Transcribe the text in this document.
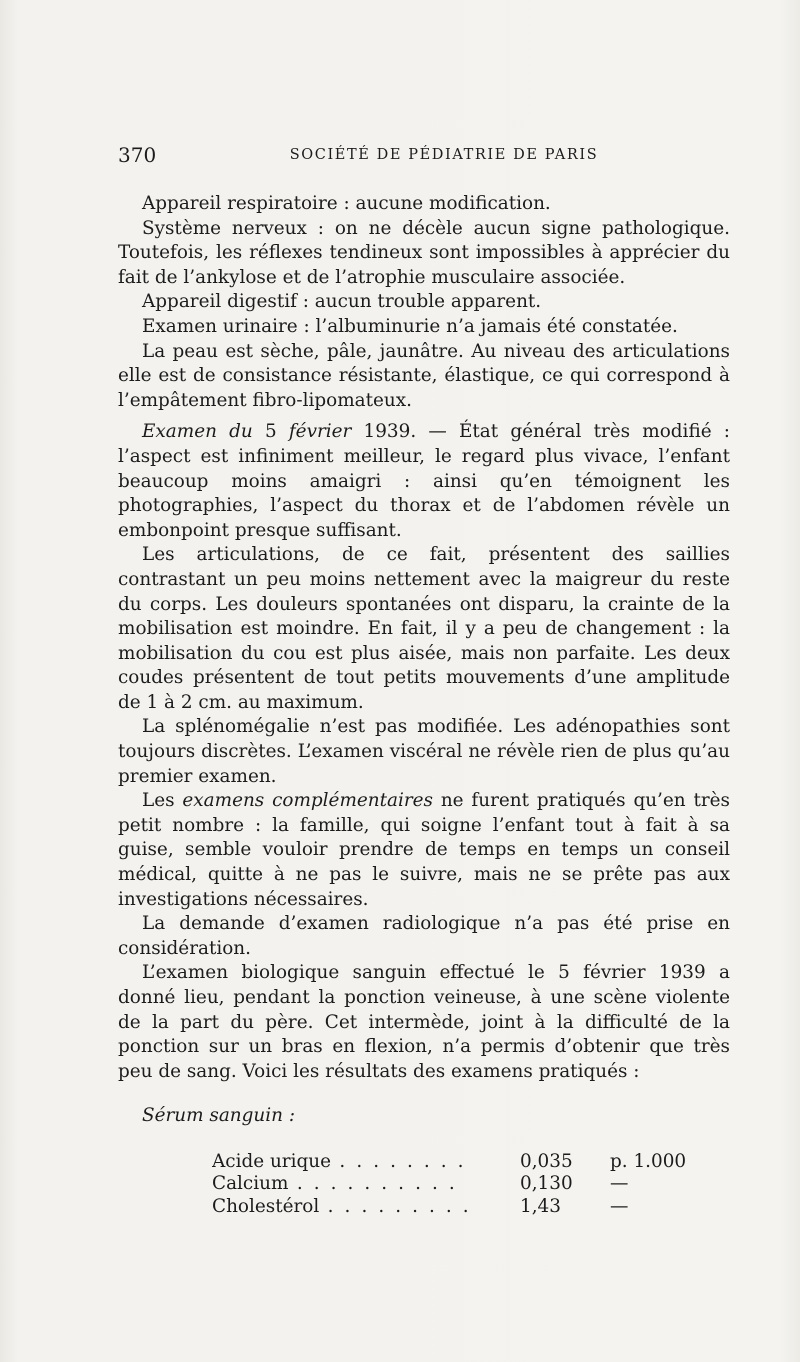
370	SOCIÉTÉ DE PÉDIATRIE DE PARIS

Appareil respiratoire : aucune modification.

Système nerveux : on ne décèle aucun signe pathologique. Toutefois, les réflexes tendineux sont impossibles à apprécier du fait de l’ankylose et de l’atrophie musculaire associée.

Appareil digestif : aucun trouble apparent.

Examen urinaire : l’albuminurie n’a jamais été constatée.

La peau est sèche, pâle, jaunâtre. Au niveau des articulations elle est de consistance résistante, élastique, ce qui correspond à l’empâtement fibro-lipomateux.

Examen du 5 février 1939. — État général très modifié : l’aspect est infiniment meilleur, le regard plus vivace, l’enfant beaucoup moins amaigri : ainsi qu’en témoignent les photographies, l’aspect du thorax et de l’abdomen révèle un embonpoint presque suffisant.

Les articulations, de ce fait, présentent des saillies contrastant un peu moins nettement avec la maigreur du reste du corps. Les douleurs spontanées ont disparu, la crainte de la mobilisation est moindre. En fait, il y a peu de changement : la mobilisation du cou est plus aisée, mais non parfaite. Les deux coudes présentent de tout petits mouvements d’une amplitude de 1 à 2 cm. au maximum.

La splénomégalie n’est pas modifiée. Les adénopathies sont toujours discrètes. L’examen viscéral ne révèle rien de plus qu’au premier examen.

Les examens complémentaires ne furent pratiqués qu’en très petit nombre : la famille, qui soigne l’enfant tout à fait à sa guise, semble vouloir prendre de temps en temps un conseil médical, quitte à ne pas le suivre, mais ne se prête pas aux investigations nécessaires.

La demande d’examen radiologique n’a pas été prise en considération.

L’examen biologique sanguin effectué le 5 février 1939 a donné lieu, pendant la ponction veineuse, à une scène violente de la part du père. Cet intermède, joint à la difficulté de la ponction sur un bras en flexion, n’a permis d’obtenir que très peu de sang. Voici les résultats des examens pratiqués :

Sérum sanguin :

Acide urique . . . . . . . .	0,035	p. 1.000
Calcium . . . . . . . . . .	0,130	—
Cholestérol . . . . . . . . .	1,43	—
